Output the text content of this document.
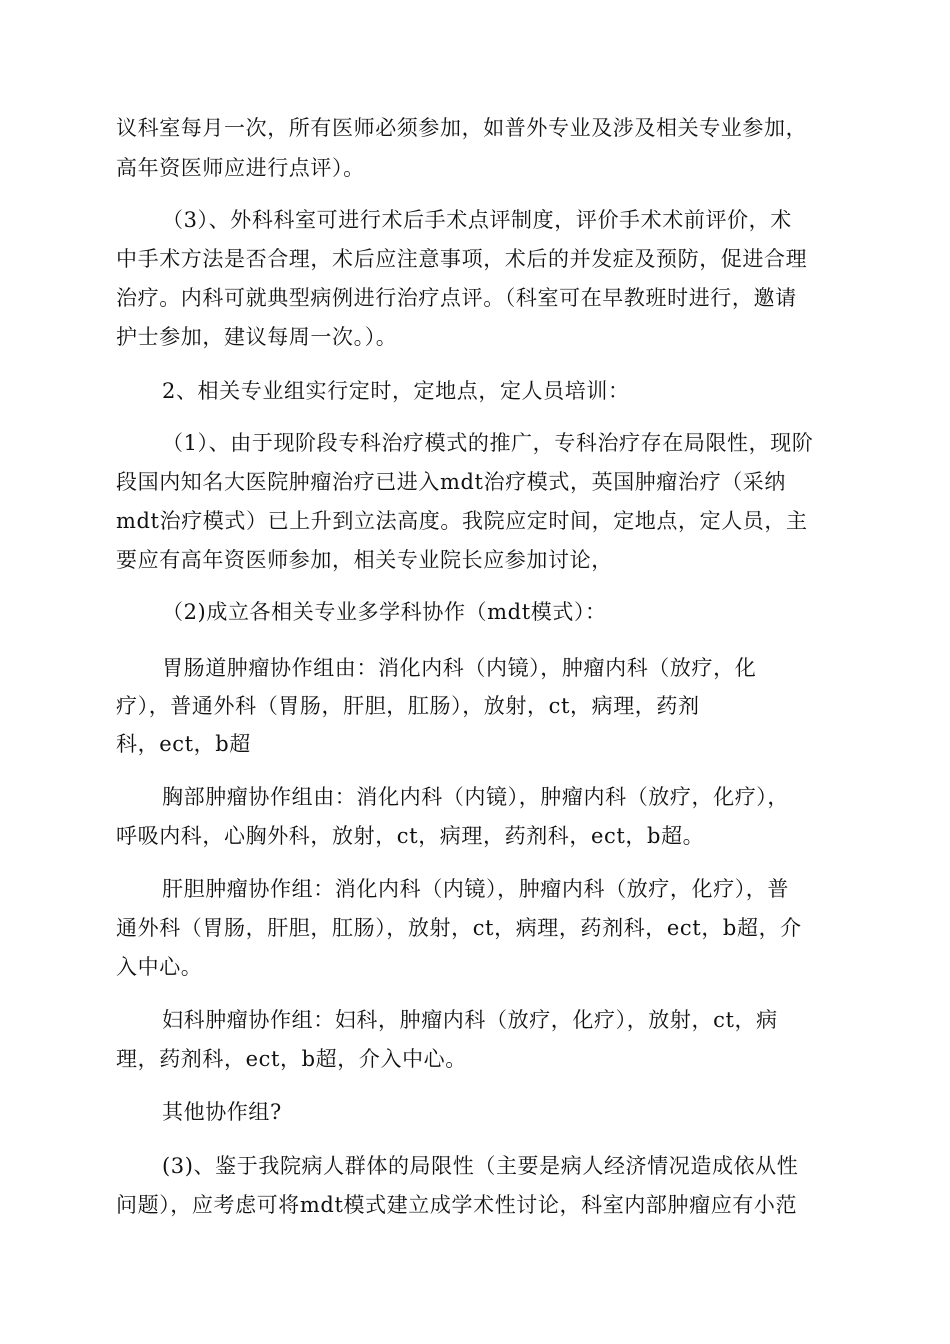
议科室每月一次，所有医师必须参加，如普外专业及涉及相关专业参加，
高年资医师应进行点评）。
（3）、外科科室可进行术后手术点评制度，评价手术术前评价，术
中手术方法是否合理，术后应注意事项，术后的并发症及预防，促进合理
治疗。内科可就典型病例进行治疗点评。（科室可在早教班时进行，邀请
护士参加，建议每周一次。）。
2、相关专业组实行定时，定地点，定人员培训：
（1）、由于现阶段专科治疗模式的推广，专科治疗存在局限性，现阶
段国内知名大医院肿瘤治疗已进入mdt治疗模式，英国肿瘤治疗（采纳
mdt治疗模式）已上升到立法高度。我院应定时间，定地点，定人员，主
要应有高年资医师参加，相关专业院长应参加讨论，
（2)成立各相关专业多学科协作（mdt模式）：
胃肠道肿瘤协作组由：消化内科（内镜），肿瘤内科（放疗，化
疗），普通外科（胃肠，肝胆，肛肠），放射，ct，病理，药剂
科，ect，b超
胸部肿瘤协作组由：消化内科（内镜），肿瘤内科（放疗，化疗），
呼吸内科，心胸外科，放射，ct，病理，药剂科，ect，b超。
肝胆肿瘤协作组：消化内科（内镜），肿瘤内科（放疗，化疗），普
通外科（胃肠，肝胆，肛肠），放射，ct，病理，药剂科，ect，b超，介
入中心。
妇科肿瘤协作组：妇科，肿瘤内科（放疗，化疗），放射，ct，病
理，药剂科，ect，b超，介入中心。
其他协作组?
(3)、鉴于我院病人群体的局限性（主要是病人经济情况造成依从性
问题），应考虑可将mdt模式建立成学术性讨论，科室内部肿瘤应有小范
